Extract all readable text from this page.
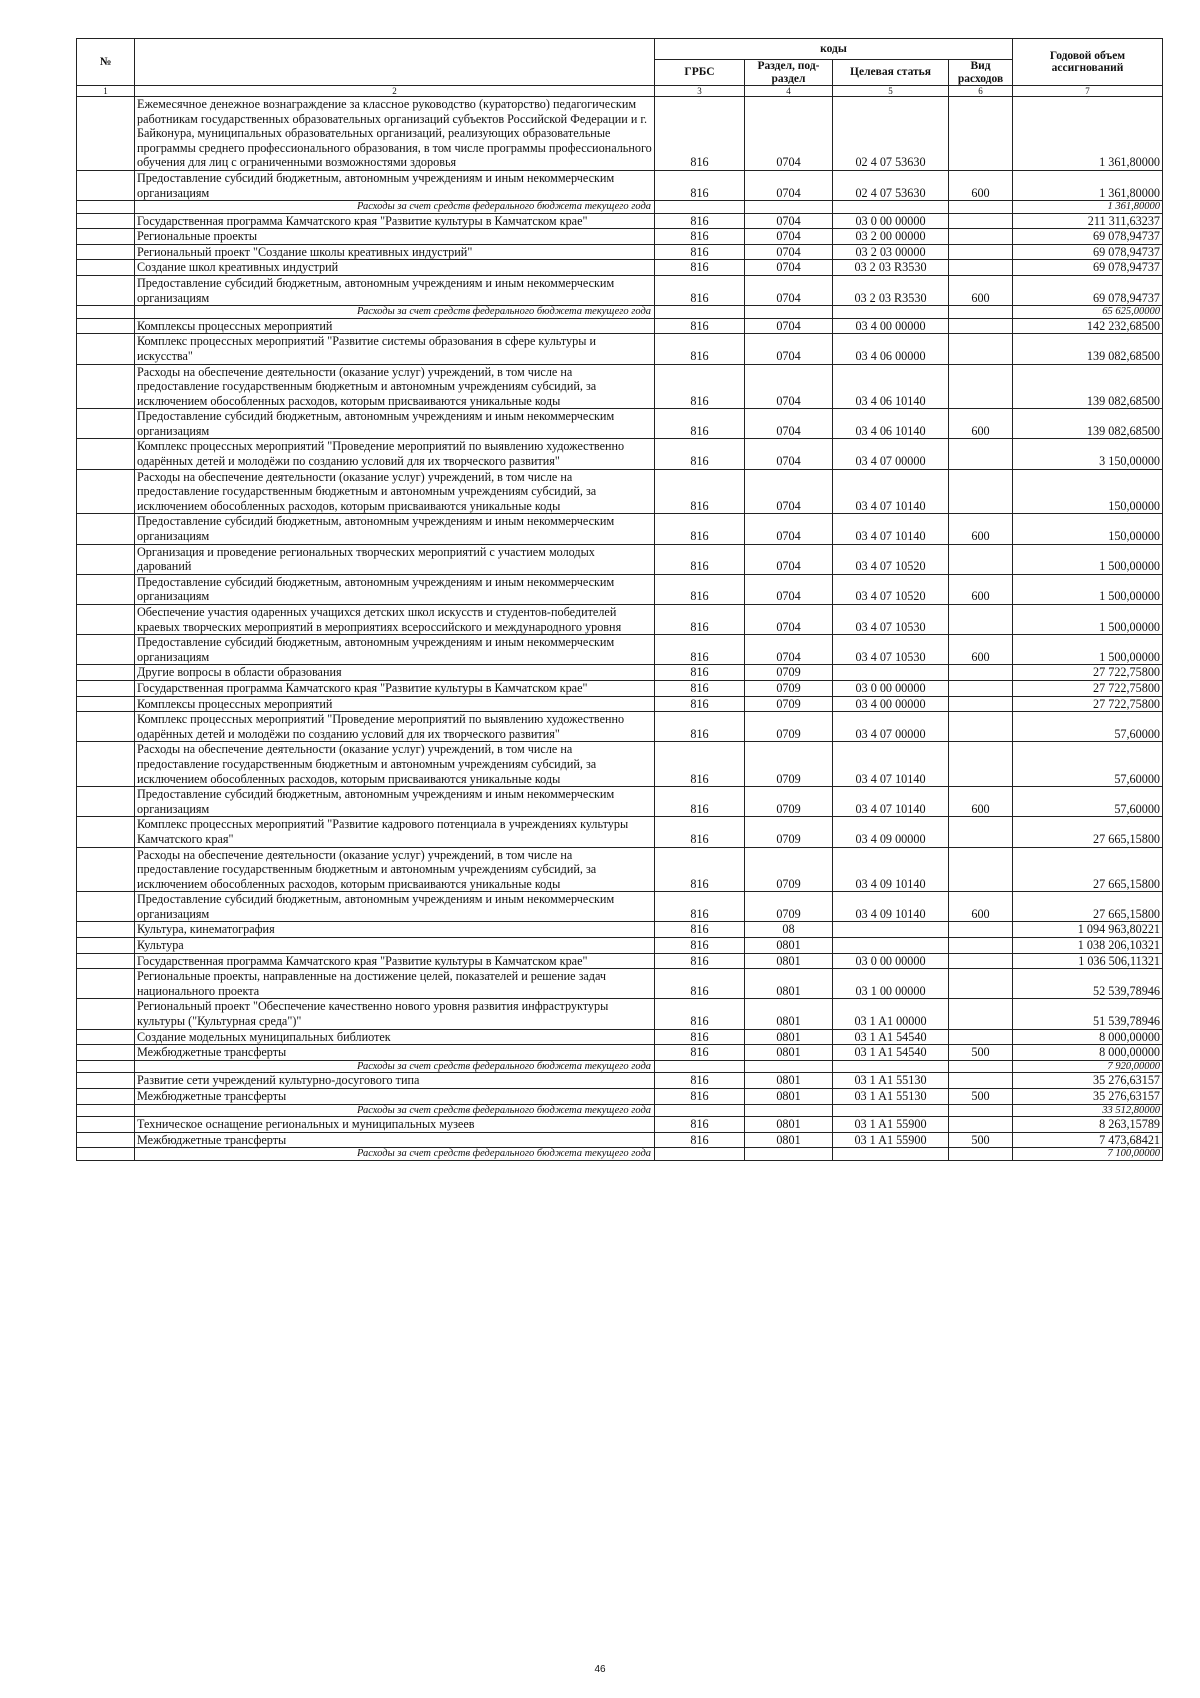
№		коды				Годовой объем ассигнований
		ГРБС	Раздел, под-раздел	Целевая статья	Вид расходов	
1	2	3	4	5	6	7
	Ежемесячное денежное вознаграждение за классное руководство (кураторство) педагогическим работникам государственных образовательных организаций субъектов Российской Федерации и г. Байконура, муниципальных образовательных организаций, реализующих образовательные программы среднего профессионального образования, в том числе программы профессионального обучения для лиц с ограниченными возможностями здоровья	816	0704	02 4 07 53630		1 361,80000
	Предоставление субсидий бюджетным, автономным учреждениям и иным некоммерческим организациям	816	0704	02 4 07 53630	600	1 361,80000
	Расходы за счет средств федерального бюджета текущего года					1 361,80000
	Государственная программа Камчатского края "Развитие культуры в Камчатском крае"	816	0704	03 0 00 00000		211 311,63237
	Региональные проекты	816	0704	03 2 00 00000		69 078,94737
	Региональный проект "Создание школы креативных индустрий"	816	0704	03 2 03 00000		69 078,94737
	Создание школ креативных индустрий	816	0704	03 2 03 R3530		69 078,94737
	Предоставление субсидий бюджетным, автономным учреждениям и иным некоммерческим организациям	816	0704	03 2 03 R3530	600	69 078,94737
	Расходы за счет средств федерального бюджета текущего года					65 625,00000
	Комплексы процессных мероприятий	816	0704	03 4 00 00000		142 232,68500
	Комплекс процессных мероприятий "Развитие системы образования в сфере культуры и искусства"	816	0704	03 4 06 00000		139 082,68500
	Расходы на обеспечение деятельности (оказание услуг) учреждений, в том числе на предоставление государственным бюджетным и автономным учреждениям субсидий, за исключением обособленных расходов, которым присваиваются уникальные коды	816	0704	03 4 06 10140		139 082,68500
	Предоставление субсидий бюджетным, автономным учреждениям и иным некоммерческим организациям	816	0704	03 4 06 10140	600	139 082,68500
	Комплекс процессных мероприятий "Проведение мероприятий по выявлению художественно одарённых детей и молодёжи по созданию условий для их творческого развития"	816	0704	03 4 07 00000		3 150,00000
	Расходы на обеспечение деятельности (оказание услуг) учреждений, в том числе на предоставление государственным бюджетным и автономным учреждениям субсидий, за исключением обособленных расходов, которым присваиваются уникальные коды	816	0704	03 4 07 10140		150,00000
	Предоставление субсидий бюджетным, автономным учреждениям и иным некоммерческим организациям	816	0704	03 4 07 10140	600	150,00000
	Организация и проведение региональных творческих мероприятий с участием молодых дарований	816	0704	03 4 07 10520		1 500,00000
	Предоставление субсидий бюджетным, автономным учреждениям и иным некоммерческим организациям	816	0704	03 4 07 10520	600	1 500,00000
	Обеспечение участия одаренных учащихся детских школ искусств и студентов-победителей краевых творческих мероприятий в мероприятиях всероссийского и международного уровня	816	0704	03 4 07 10530		1 500,00000
	Предоставление субсидий бюджетным, автономным учреждениям и иным некоммерческим организациям	816	0704	03 4 07 10530	600	1 500,00000
	Другие вопросы в области образования	816	0709			27 722,75800
	Государственная программа Камчатского края "Развитие культуры в Камчатском крае"	816	0709	03 0 00 00000		27 722,75800
	Комплексы процессных мероприятий	816	0709	03 4 00 00000		27 722,75800
	Комплекс процессных мероприятий "Проведение мероприятий по выявлению художественно одарённых детей и молодёжи по созданию условий для их творческого развития"	816	0709	03 4 07 00000		57,60000
	Расходы на обеспечение деятельности (оказание услуг) учреждений, в том числе на предоставление государственным бюджетным и автономным учреждениям субсидий, за исключением обособленных расходов, которым присваиваются уникальные коды	816	0709	03 4 07 10140		57,60000
	Предоставление субсидий бюджетным, автономным учреждениям и иным некоммерческим организациям	816	0709	03 4 07 10140	600	57,60000
	Комплекс процессных мероприятий "Развитие кадрового потенциала в учреждениях культуры Камчатского края"	816	0709	03 4 09 00000		27 665,15800
	Расходы на обеспечение деятельности (оказание услуг) учреждений, в том числе на предоставление государственным бюджетным и автономным учреждениям субсидий, за исключением обособленных расходов, которым присваиваются уникальные коды	816	0709	03 4 09 10140		27 665,15800
	Предоставление субсидий бюджетным, автономным учреждениям и иным некоммерческим организациям	816	0709	03 4 09 10140	600	27 665,15800
	Культура, кинематография	816	08			1 094 963,80221
	Культура	816	0801			1 038 206,10321
	Государственная программа Камчатского края "Развитие культуры в Камчатском крае"	816	0801	03 0 00 00000		1 036 506,11321
	Региональные проекты, направленные на достижение целей, показателей и решение задач национального проекта	816	0801	03 1 00 00000		52 539,78946
	Региональный проект "Обеспечение качественно нового уровня развития инфраструктуры культуры ("Культурная среда")"	816	0801	03 1 A1 00000		51 539,78946
	Создание модельных муниципальных библиотек	816	0801	03 1 A1 54540		8 000,00000
	Межбюджетные трансферты	816	0801	03 1 A1 54540	500	8 000,00000
	Расходы за счет средств федерального бюджета текущего года					7 920,00000
	Развитие сети учреждений культурно-досугового типа	816	0801	03 1 A1 55130		35 276,63157
	Межбюджетные трансферты	816	0801	03 1 A1 55130	500	35 276,63157
	Расходы за счет средств федерального бюджета текущего года					33 512,80000
	Техническое оснащение региональных и муниципальных музеев	816	0801	03 1 A1 55900		8 263,15789
	Межбюджетные трансферты	816	0801	03 1 A1 55900	500	7 473,68421
	Расходы за счет средств федерального бюджета текущего года					7 100,00000
46
